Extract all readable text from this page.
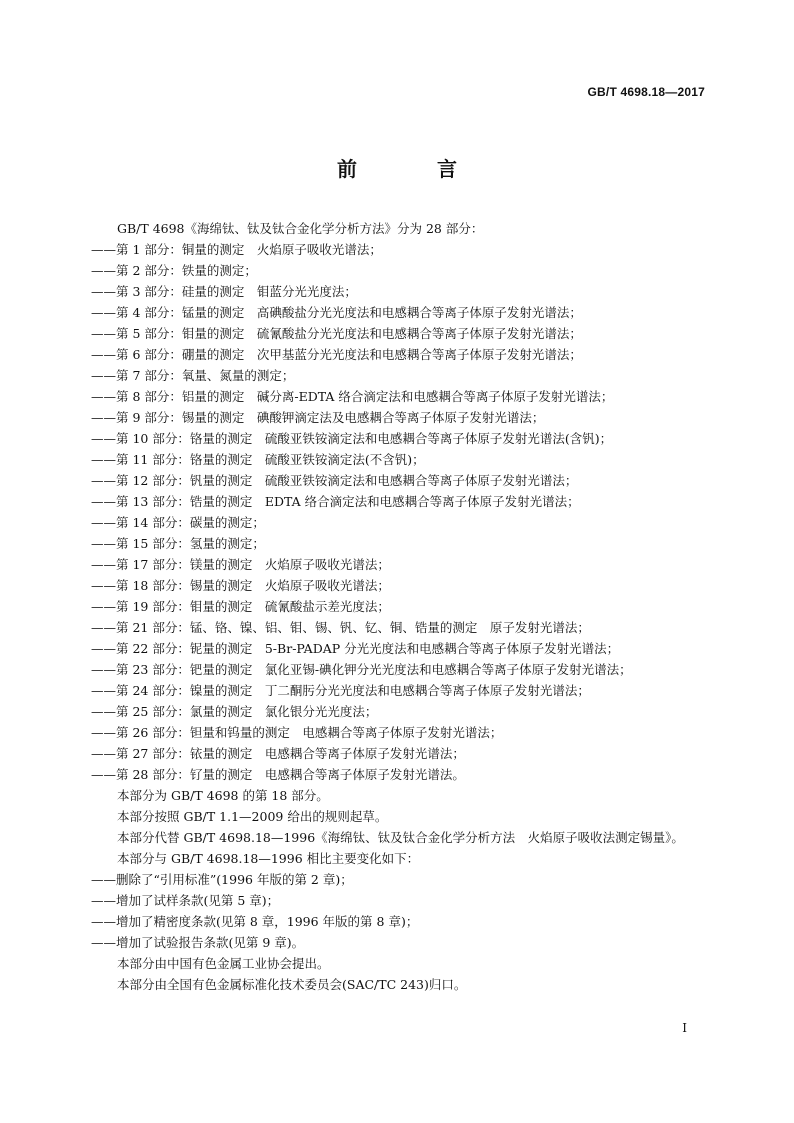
GB/T 4698.18—2017
前　言
GB/T 4698《海绵钛、钛及钛合金化学分析方法》分为 28 部分：
——第 1 部分：铜量的测定　火焰原子吸收光谱法；
——第 2 部分：铁量的测定；
——第 3 部分：硅量的测定　钼蓝分光光度法；
——第 4 部分：锰量的测定　高碘酸盐分光光度法和电感耦合等离子体原子发射光谱法；
——第 5 部分：钼量的测定　硫氰酸盐分光光度法和电感耦合等离子体原子发射光谱法；
——第 6 部分：硼量的测定　次甲基蓝分光光度法和电感耦合等离子体原子发射光谱法；
——第 7 部分：氧量、氮量的测定；
——第 8 部分：铝量的测定　碱分离-EDTA 络合滴定法和电感耦合等离子体原子发射光谱法；
——第 9 部分：锡量的测定　碘酸钾滴定法及电感耦合等离子体原子发射光谱法；
——第 10 部分：铬量的测定　硫酸亚铁铵滴定法和电感耦合等离子体原子发射光谱法(含钒)；
——第 11 部分：铬量的测定　硫酸亚铁铵滴定法(不含钒)；
——第 12 部分：钒量的测定　硫酸亚铁铵滴定法和电感耦合等离子体原子发射光谱法；
——第 13 部分：锆量的测定　EDTA 络合滴定法和电感耦合等离子体原子发射光谱法；
——第 14 部分：碳量的测定；
——第 15 部分：氢量的测定；
——第 17 部分：镁量的测定　火焰原子吸收光谱法；
——第 18 部分：锡量的测定　火焰原子吸收光谱法；
——第 19 部分：钼量的测定　硫氰酸盐示差光度法；
——第 21 部分：锰、铬、镍、铝、钼、锡、钒、钇、铜、锆量的测定　原子发射光谱法；
——第 22 部分：铌量的测定　5-Br-PADAP 分光光度法和电感耦合等离子体原子发射光谱法；
——第 23 部分：钯量的测定　氯化亚锡-碘化钾分光光度法和电感耦合等离子体原子发射光谱法；
——第 24 部分：镍量的测定　丁二酮肟分光光度法和电感耦合等离子体原子发射光谱法；
——第 25 部分：氯量的测定　氯化银分光光度法；
——第 26 部分：钽量和钨量的测定　电感耦合等离子体原子发射光谱法；
——第 27 部分：铱量的测定　电感耦合等离子体原子发射光谱法；
——第 28 部分：钌量的测定　电感耦合等离子体原子发射光谱法。
本部分为 GB/T 4698 的第 18 部分。
本部分按照 GB/T 1.1—2009 给出的规则起草。
本部分代替 GB/T 4698.18—1996《海绵钛、钛及钛合金化学分析方法　火焰原子吸收法测定锡量》。
本部分与 GB/T 4698.18—1996 相比主要变化如下：
——删除了“引用标准”(1996 年版的第 2 章)；
——增加了试样条款(见第 5 章)；
——增加了精密度条款(见第 8 章，1996 年版的第 8 章)；
——增加了试验报告条款(见第 9 章)。
本部分由中国有色金属工业协会提出。
本部分由全国有色金属标准化技术委员会(SAC/TC 243)归口。
I
